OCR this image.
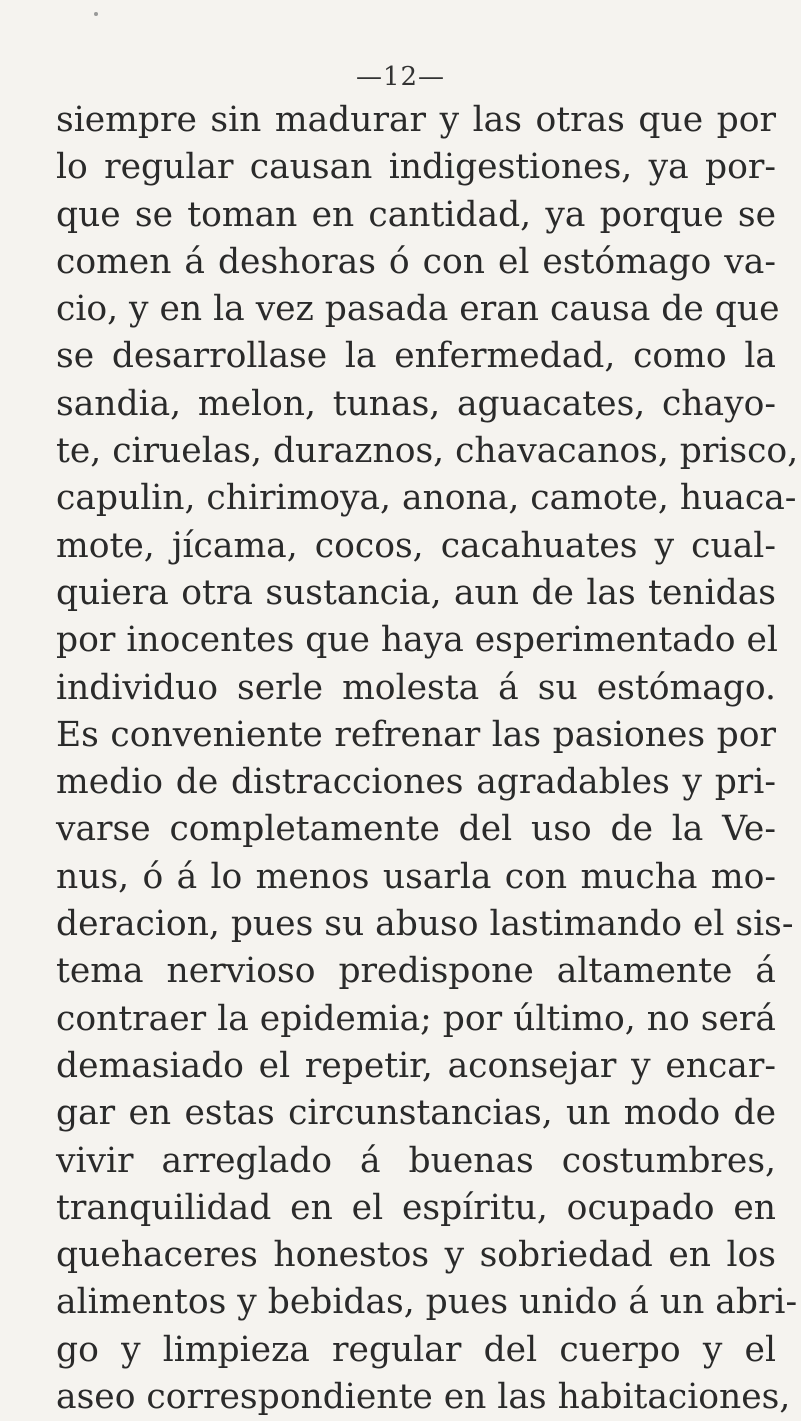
—12—
siempre sin madurar y las otras que por
lo regular causan indigestiones, ya por-
que se toman en cantidad, ya porque se
comen á deshoras ó con el estómago va-
cio, y en la vez pasada eran causa de que
se desarrollase la enfermedad, como la
sandia, melon, tunas, aguacates, chayo-
te, ciruelas, duraznos, chavacanos, prisco,
capulin, chirimoya, anona, camote, huaca-
mote, jícama, cocos, cacahuates y cual-
quiera otra sustancia, aun de las tenidas
por inocentes que haya esperimentado el
individuo serle molesta á su estómago.
Es conveniente refrenar las pasiones por
medio de distracciones agradables y pri-
varse completamente del uso de la Ve-
nus, ó á lo menos usarla con mucha mo-
deracion, pues su abuso lastimando el sis-
tema nervioso predispone altamente á
contraer la epidemia; por último, no será
demasiado el repetir, aconsejar y encar-
gar en estas circunstancias, un modo de
vivir arreglado á buenas costumbres,
tranquilidad en el espíritu, ocupado en
quehaceres honestos y sobriedad en los
alimentos y bebidas, pues unido á un abri-
go y limpieza regular del cuerpo y el
aseo correspondiente en las habitaciones,
